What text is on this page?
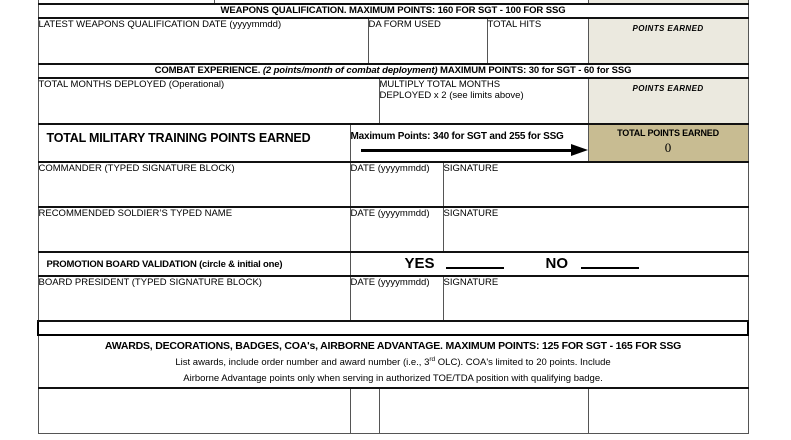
WEAPONS QUALIFICATION. MAXIMUM POINTS: 160 FOR SGT - 100 FOR SSG							
LATEST WEAPONS QUALIFICATION DATE (yyyymmdd)			DA FORM USED			TOTAL HITS	POINTS EARNED

COMBAT EXPERIENCE. (2 points/month of combat deployment) MAXIMUM POINTS: 30 for SGT - 60 for SSG							
TOTAL MONTHS DEPLOYED (Operational)				MULTIPLY TOTAL MONTHS
DEPLOYED x 2 (see limits above)			POINTS EARNED

TOTAL MILITARY TRAINING POINTS EARNED		Maximum Points: 340 for SGT and 255 for SSG					TOTAL POINTS EARNED
0

COMMANDER (TYPED SIGNATURE BLOCK)		DATE (yyyymmdd)			SIGNATURE		
RECOMMENDED SOLDIER’S TYPED NAME		DATE (yyyymmdd)			SIGNATURE		

PROMOTION BOARD VALIDATION (circle & initial one)		YES NO					

BOARD PRESIDENT (TYPED SIGNATURE BLOCK)		DATE (yyyymmdd)			SIGNATURE		
SECTION B – ADMINISTRATIVE POINTS							

AWARDS, DECORATIONS, BADGES, COA's, AIRBORNE ADVANTAGE. MAXIMUM POINTS: 125 FOR SGT - 165 FOR SSG
List awards, include order number and award number (i.e., 3rd OLC). COA's limited to 20 points. Include
Airborne Advantage points only when serving in authorized TOE/TDA position with qualifying badge.							
